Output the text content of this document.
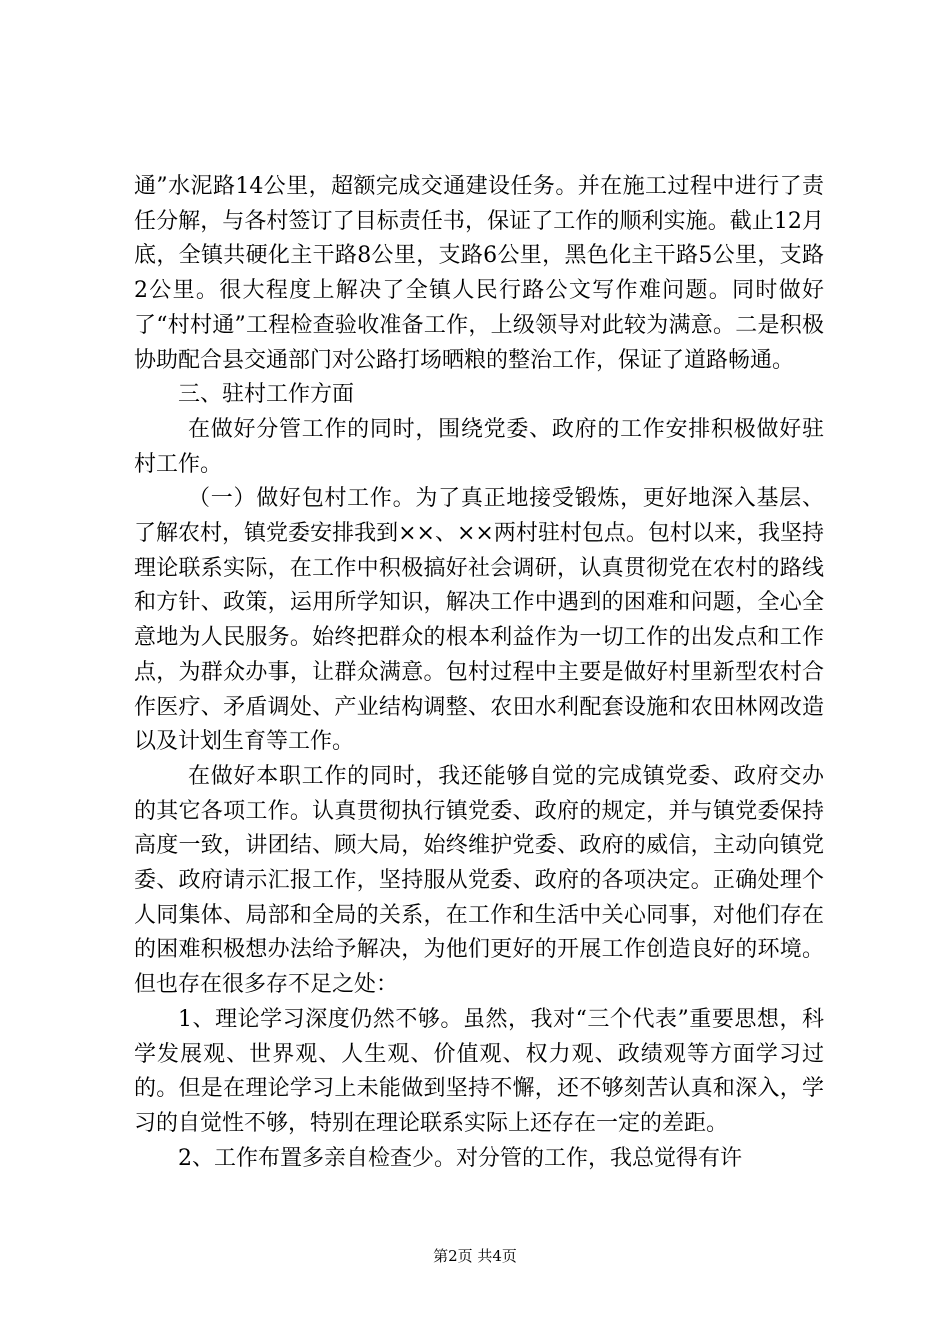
通”水泥路14公里，超额完成交通建设任务。并在施工过程中进行了责任分解，与各村签订了目标责任书，保证了工作的顺利实施。截止12月底，全镇共硬化主干路8公里，支路6公里，黑色化主干路5公里，支路2公里。很大程度上解决了全镇人民行路公文写作难问题。同时做好了“村村通”工程检查验收准备工作，上级领导对此较为满意。二是积极协助配合县交通部门对公路打场晒粮的整治工作，保证了道路畅通。

三、驻村工作方面

在做好分管工作的同时，围绕党委、政府的工作安排积极做好驻村工作。

（一）做好包村工作。为了真正地接受锻炼，更好地深入基层、了解农村，镇党委安排我到××、××两村驻村包点。包村以来，我坚持理论联系实际，在工作中积极搞好社会调研，认真贯彻党在农村的路线和方针、政策，运用所学知识，解决工作中遇到的困难和问题，全心全意地为人民服务。始终把群众的根本利益作为一切工作的出发点和工作点，为群众办事，让群众满意。包村过程中主要是做好村里新型农村合作医疗、矛盾调处、产业结构调整、农田水利配套设施和农田林网改造以及计划生育等工作。

在做好本职工作的同时，我还能够自觉的完成镇党委、政府交办的其它各项工作。认真贯彻执行镇党委、政府的规定，并与镇党委保持高度一致，讲团结、顾大局，始终维护党委、政府的威信，主动向镇党委、政府请示汇报工作，坚持服从党委、政府的各项决定。正确处理个人同集体、局部和全局的关系，在工作和生活中关心同事，对他们存在的困难积极想办法给予解决，为他们更好的开展工作创造良好的环境。但也存在很多存不足之处：

1、理论学习深度仍然不够。虽然，我对“三个代表”重要思想，科学发展观、世界观、人生观、价值观、权力观、政绩观等方面学习过的。但是在理论学习上未能做到坚持不懈，还不够刻苦认真和深入，学习的自觉性不够，特别在理论联系实际上还存在一定的差距。

2、工作布置多亲自检查少。对分管的工作，我总觉得有许

第2页 共4页
